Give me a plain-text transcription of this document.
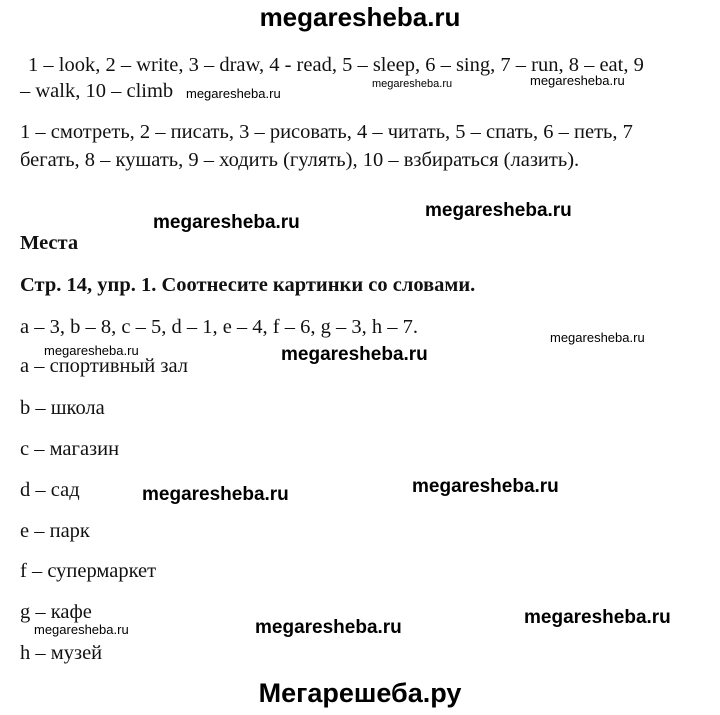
megaresheba.ru
1 – look, 2 – write, 3 – draw, 4 - read, 5 – sleep, 6 – sing, 7 – run, 8 – eat, 9
– walk, 10 – climb
1 – смотреть, 2 – писать, 3 – рисовать, 4 – читать, 5 – спать, 6 – петь, 7
бегать, 8 – кушать, 9 – ходить (гулять), 10 – взбираться (лазить).
Места
Стр. 14, упр. 1. Соотнесите картинки со словами.
a – 3, b – 8, c – 5, d – 1, e – 4, f – 6, g – 3, h – 7.
a – спортивный зал
b – школа
c – магазин
d – сад
e – парк
f – супермаркет
g – кафе
h – музей
megaresheba.ru
megaresheba.ru	megaresheba.ru
megaresheba.ru
megaresheba.ru
megaresheba.ru
megaresheba.ru	megaresheba.ru
megaresheba.ru
megaresheba.ru
megaresheba.ru
megaresheba.ru
megaresheba.ru
Мегарешеба.ру
